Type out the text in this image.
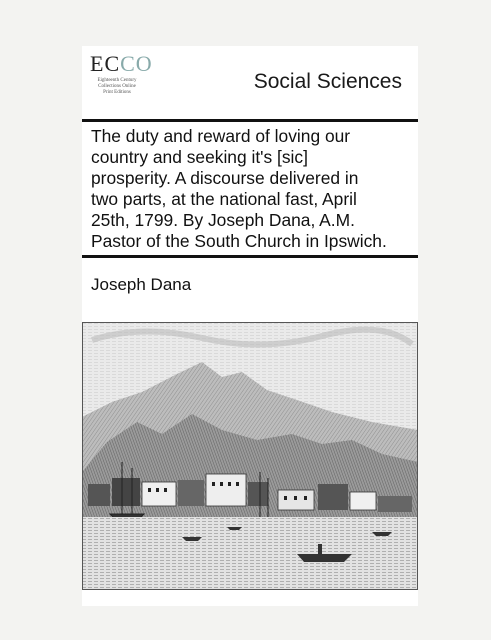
ECCO
Eighteenth Century
Collections Online
Print Editions	Social Sciences
The duty and reward of loving our
country and seeking it's [sic]
prosperity. A discourse delivered in
two parts, at the national fast, April
25th, 1799. By Joseph Dana, A.M.
Pastor of the South Church in Ipswich.
Joseph Dana
